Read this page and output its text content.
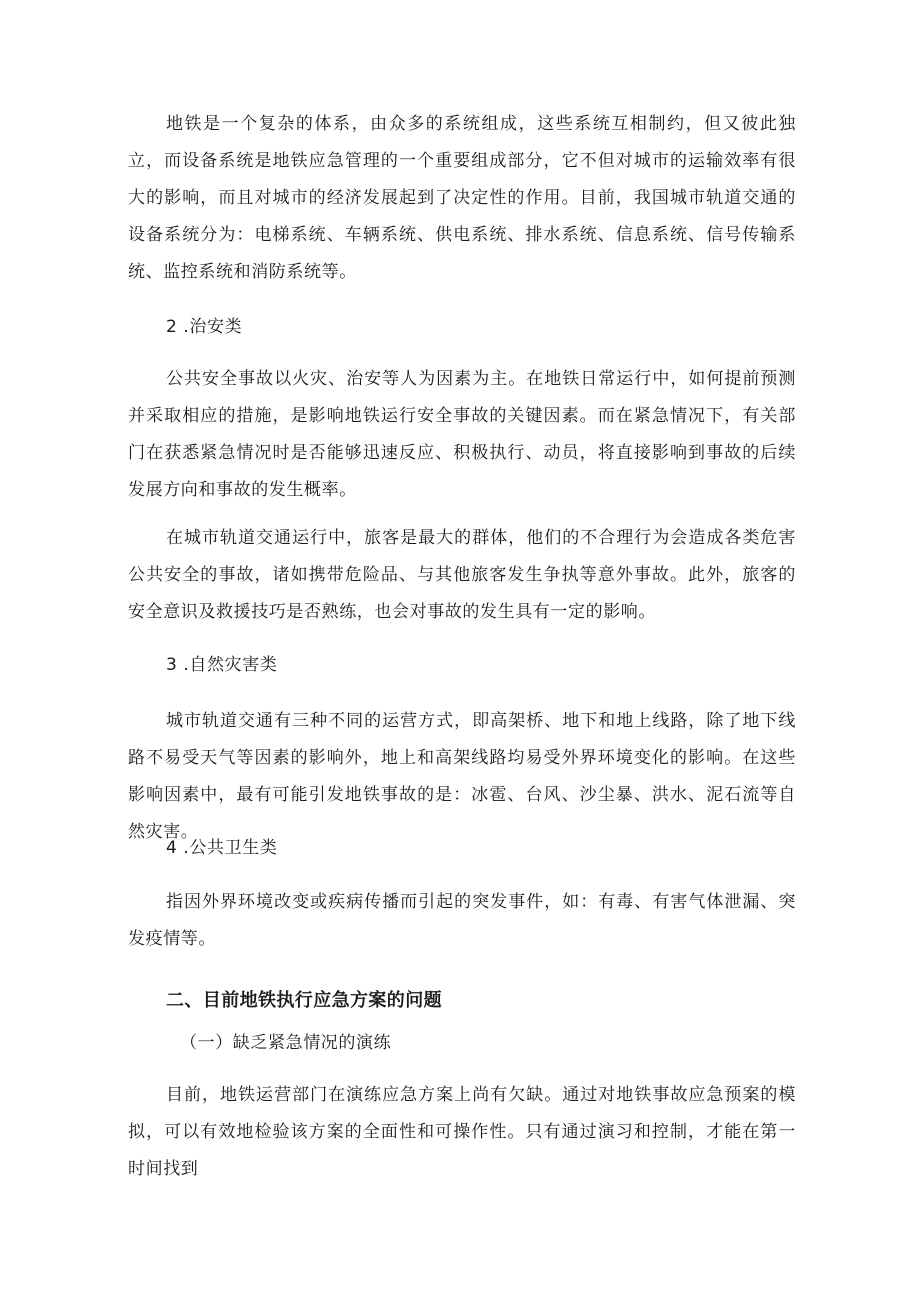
地铁是一个复杂的体系，由众多的系统组成，这些系统互相制约，但又彼此独立，而设备系统是地铁应急管理的一个重要组成部分，它不但对城市的运输效率有很大的影响，而且对城市的经济发展起到了决定性的作用。目前，我国城市轨道交通的设备系统分为：电梯系统、车辆系统、供电系统、排水系统、信息系统、信号传输系统、监控系统和消防系统等。

2 .治安类

公共安全事故以火灾、治安等人为因素为主。在地铁日常运行中，如何提前预测并采取相应的措施，是影响地铁运行安全事故的关键因素。而在紧急情况下，有关部门在获悉紧急情况时是否能够迅速反应、积极执行、动员，将直接影响到事故的后续发展方向和事故的发生概率。

在城市轨道交通运行中，旅客是最大的群体，他们的不合理行为会造成各类危害公共安全的事故，诸如携带危险品、与其他旅客发生争执等意外事故。此外，旅客的安全意识及救援技巧是否熟练，也会对事故的发生具有一定的影响。

3 .自然灾害类

城市轨道交通有三种不同的运营方式，即高架桥、地下和地上线路，除了地下线路不易受天气等因素的影响外，地上和高架线路均易受外界环境变化的影响。在这些影响因素中，最有可能引发地铁事故的是：冰雹、台风、沙尘暴、洪水、泥石流等自然灾害。

4 .公共卫生类

指因外界环境改变或疾病传播而引起的突发事件，如：有毒、有害气体泄漏、突发疫情等。

二、目前地铁执行应急方案的问题
（一）缺乏紧急情况的演练

目前，地铁运营部门在演练应急方案上尚有欠缺。通过对地铁事故应急预案的模拟，可以有效地检验该方案的全面性和可操作性。只有通过演习和控制，才能在第一时间找到
